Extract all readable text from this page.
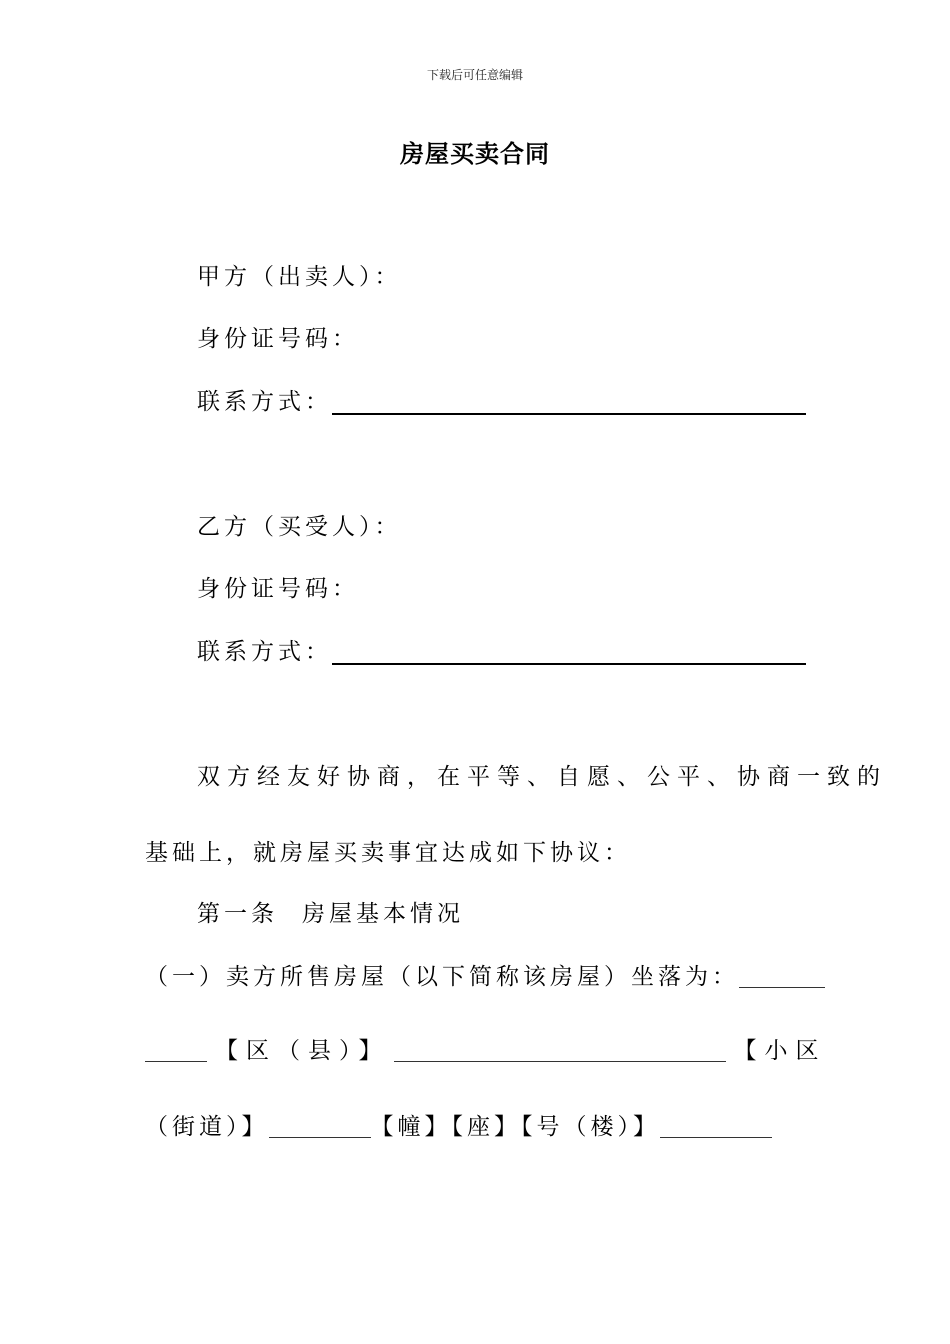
下载后可任意编辑
房屋买卖合同
甲方（出卖人）：
身份证号码：
联系方式：
乙方（买受人）：
身份证号码：
联系方式：
双方经友好协商，在平等、自愿、公平、协商一致的
基础上，就房屋买卖事宜达成如下协议：
第一条 房屋基本情况
（一）卖方所售房屋（以下简称该房屋）坐落为：
【区（县）】	【小区
（街道）】	【幢】【座】【号（楼）】
